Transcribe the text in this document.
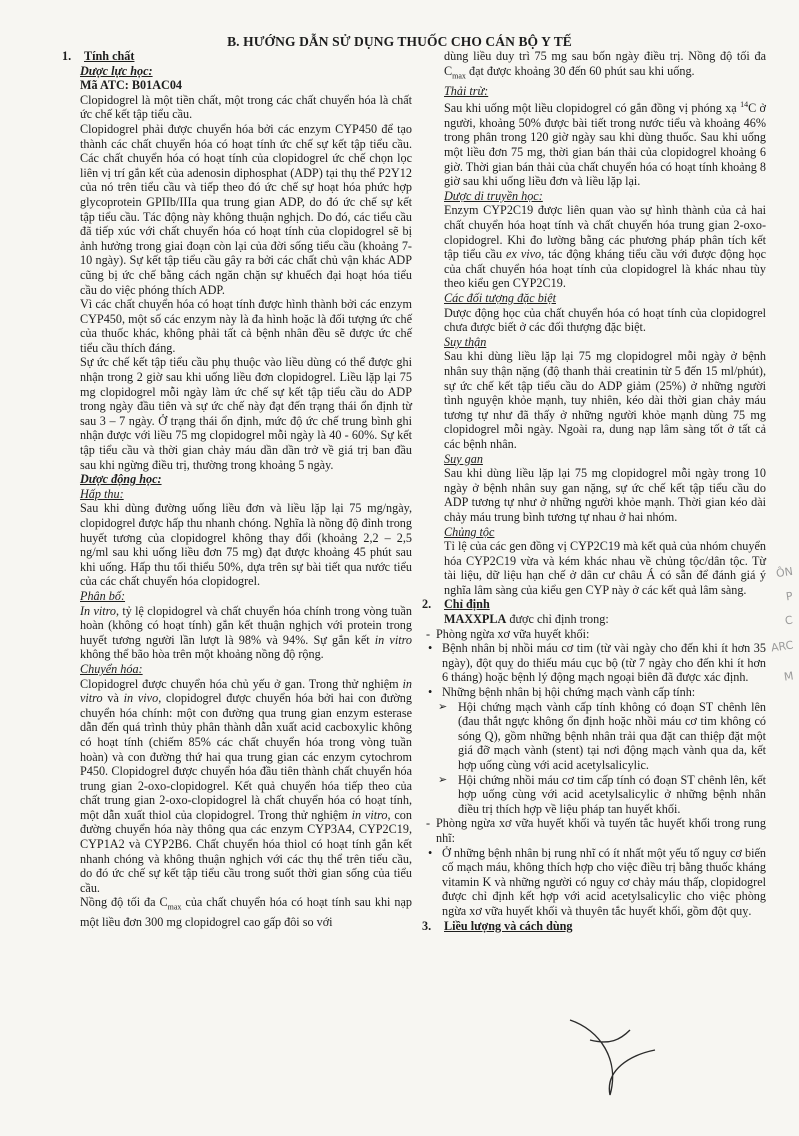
B. HƯỚNG DẪN SỬ DỤNG THUỐC CHO CÁN BỘ Y TẾ
1. Tính chất

Dược lực học:

Mã ATC: B01AC04

Clopidogrel là một tiền chất, một trong các chất chuyển hóa là chất ức chế kết tập tiểu cầu.

Clopidogrel phải được chuyển hóa bởi các enzym CYP450 để tạo thành các chất chuyển hóa có hoạt tính ức chế sự kết tập tiểu cầu. Các chất chuyển hóa có hoạt tính của clopidogrel ức chế chọn lọc liên vị trí gắn kết của adenosin diphosphat (ADP) tại thụ thể P2Y12 của nó trên tiểu cầu và tiếp theo đó ức chế sự hoạt hóa phức hợp glycoprotein GPIIb/IIIa qua trung gian ADP, do đó ức chế sự kết tập tiểu cầu. Tác động này không thuận nghịch. Do đó, các tiểu cầu đã tiếp xúc với chất chuyển hóa có hoạt tính của clopidogrel sẽ bị ảnh hưởng trong giai đoạn còn lại của đời sống tiểu cầu (khoảng 7-10 ngày). Sự kết tập tiểu cầu gây ra bởi các chất chủ vận khác ADP cũng bị ức chế bằng cách ngăn chặn sự khuếch đại hoạt hóa tiểu cầu do việc phóng thích ADP.

Vì các chất chuyển hóa có hoạt tính được hình thành bởi các enzym CYP450, một số các enzym này là đa hình hoặc là đối tượng ức chế của thuốc khác, không phải tất cả bệnh nhân đều sẽ được ức chế tiểu cầu thích đáng.

Sự ức chế kết tập tiểu cầu phụ thuộc vào liều dùng có thể được ghi nhận trong 2 giờ sau khi uống liều đơn clopidogrel. Liều lặp lại 75 mg clopidogrel mỗi ngày làm ức chế sự kết tập tiểu cầu do ADP trong ngày đầu tiên và sự ức chế này đạt đến trạng thái ổn định từ sau 3 – 7 ngày. Ở trạng thái ổn định, mức độ ức chế trung bình ghi nhận được với liều 75 mg clopidogrel mỗi ngày là 40 - 60%. Sự kết tập tiểu cầu và thời gian chảy máu dần dần trở về giá trị ban đầu sau khi ngừng điều trị, thường trong khoảng 5 ngày.

Dược động học:

Hấp thu:

Sau khi dùng đường uống liều đơn và liều lặp lại 75 mg/ngày, clopidogrel được hấp thu nhanh chóng. Nghĩa là nồng độ đỉnh trong huyết tương của clopidogrel không thay đổi (khoảng 2,2 – 2,5 ng/ml sau khi uống liều đơn 75 mg) đạt được khoảng 45 phút sau khi uống. Hấp thu tối thiểu 50%, dựa trên sự bài tiết qua nước tiểu của các chất chuyển hóa clopidogrel.

Phân bố:

In vitro, tỷ lệ clopidogrel và chất chuyển hóa chính trong vòng tuần hoàn (không có hoạt tính) gắn kết thuận nghịch với protein trong huyết tương người lần lượt là 98% và 94%. Sự gắn kết in vitro không thể bão hòa trên một khoảng nồng độ rộng.

Chuyển hóa:

Clopidogrel được chuyển hóa chủ yếu ở gan. Trong thử nghiệm in vitro và in vivo, clopidogrel được chuyển hóa bởi hai con đường chuyển hóa chính: một con đường qua trung gian enzym esterase dẫn đến quá trình thủy phân thành dẫn xuất acid cacboxylic không có hoạt tính (chiếm 85% các chất chuyển hóa trong vòng tuần hoàn) và con đường thứ hai qua trung gian các enzym cytochrom P450. Clopidogrel được chuyển hóa đầu tiên thành chất chuyển hóa trung gian 2-oxo-clopidogrel. Kết quả chuyển hóa tiếp theo của chất trung gian 2-oxo-clopidogrel là chất chuyển hóa có hoạt tính, một dẫn xuất thiol của clopidogrel. Trong thử nghiệm in vitro, con đường chuyển hóa này thông qua các enzym CYP3A4, CYP2C19, CYP1A2 và CYP2B6. Chất chuyển hóa thiol có hoạt tính gắn kết nhanh chóng và không thuận nghịch với các thụ thể trên tiểu cầu, do đó ức chế sự kết tập tiểu cầu trong suốt thời gian sống của tiểu cầu.

Nồng độ tối đa $C_{max}$ của chất chuyển hóa có hoạt tính sau khi nạp một liều đơn 300 mg clopidogrel cao gấp đôi so với

dùng liều duy trì 75 mg sau bốn ngày điều trị. Nồng độ tối đa $C_{max}$ đạt được khoảng 30 đến 60 phút sau khi uống.

Thải trừ:

Sau khi uống một liều clopidogrel có gắn đồng vị phóng xạ $^{14}$C ở người, khoảng 50% được bài tiết trong nước tiểu và khoảng 46% trong phân trong 120 giờ ngày sau khi dùng thuốc. Sau khi uống một liều đơn 75 mg, thời gian bán thải của clopidogrel khoảng 6 giờ. Thời gian bán thải của chất chuyển hóa có hoạt tính khoảng 8 giờ sau khi uống liều đơn và liều lặp lại.

Dược di truyền học:

Enzym CYP2C19 được liên quan vào sự hình thành của cả hai chất chuyển hóa hoạt tính và chất chuyển hóa trung gian 2-oxo-clopidogrel. Khi đo lường bằng các phương pháp phân tích kết tập tiểu cầu ex vivo, tác động kháng tiểu cầu với được động học của chất chuyển hóa hoạt tính của clopidogrel là khác nhau tùy theo kiểu gen CYP2C19.

Các đối tượng đặc biệt

Dược động học của chất chuyển hóa có hoạt tính của clopidogrel chưa được biết ở các đối thượng đặc biệt.

Suy thận

Sau khi dùng liều lặp lại 75 mg clopidogrel mỗi ngày ở bệnh nhân suy thận nặng (độ thanh thải creatinin từ 5 đến 15 ml/phút), sự ức chế kết tập tiểu cầu do ADP giảm (25%) ở những người tình nguyện khỏe mạnh, tuy nhiên, kéo dài thời gian chảy máu tương tự như đã thấy ở những người khỏe mạnh dùng 75 mg clopidogrel mỗi ngày. Ngoài ra, dung nạp lâm sàng tốt ở tất cả các bệnh nhân.

Suy gan

Sau khi dùng liều lặp lại 75 mg clopidogrel mỗi ngày trong 10 ngày ở bệnh nhân suy gan nặng, sự ức chế kết tập tiểu cầu do ADP tương tự như ở những người khỏe mạnh. Thời gian kéo dài chảy máu trung bình tương tự nhau ở hai nhóm.

Chủng tộc

Tỉ lệ của các gen đồng vị CYP2C19 mà kết quả của nhóm chuyển hóa CYP2C19 vừa và kém khác nhau về chủng tộc/dân tộc. Từ tài liệu, dữ liệu hạn chế ở dân cư châu Á có sẵn để đánh giá ý nghĩa lâm sàng của kiểu gen CYP này ở các kết quả lâm sàng.

2. Chỉ định

MAXXPLA được chỉ định trong:

- Phòng ngừa xơ vữa huyết khối:

• Bệnh nhân bị nhồi máu cơ tim (từ vài ngày cho đến khi ít hơn 35 ngày), đột quỵ do thiếu máu cục bộ (từ 7 ngày cho đến khi ít hơn 6 tháng) hoặc bệnh lý động mạch ngoại biên đã được xác định.

• Những bệnh nhân bị hội chứng mạch vành cấp tính:

➢ Hội chứng mạch vành cấp tính không có đoạn ST chênh lên (đau thắt ngực không ổn định hoặc nhồi máu cơ tim không có sóng Q), gồm những bệnh nhân trải qua đặt can thiệp đặt một giá đỡ mạch vành (stent) tại nơi động mạch vành qua da, kết hợp uống cùng với acid acetylsalicylic.

➢ Hội chứng nhồi máu cơ tim cấp tính có đoạn ST chênh lên, kết hợp uống cùng với acid acetylsalicylic ở những bệnh nhân điều trị thích hợp về liệu pháp tan huyết khối.

- Phòng ngừa xơ vữa huyết khối và tuyến tắc huyết khối trong rung nhĩ:

• Ở những bệnh nhân bị rung nhĩ có ít nhất một yếu tố nguy cơ biến cố mạch máu, không thích hợp cho việc điều trị bằng thuốc kháng vitamin K và những người có nguy cơ chảy máu thấp, clopidogrel được chỉ định kết hợp với acid acetylsalicylic cho việc phòng ngừa xơ vữa huyết khối và thuyên tắc huyết khối, gồm đột quỵ.

3. Liều lượng và cách dùng
ÔN
P
C
ARC
M
